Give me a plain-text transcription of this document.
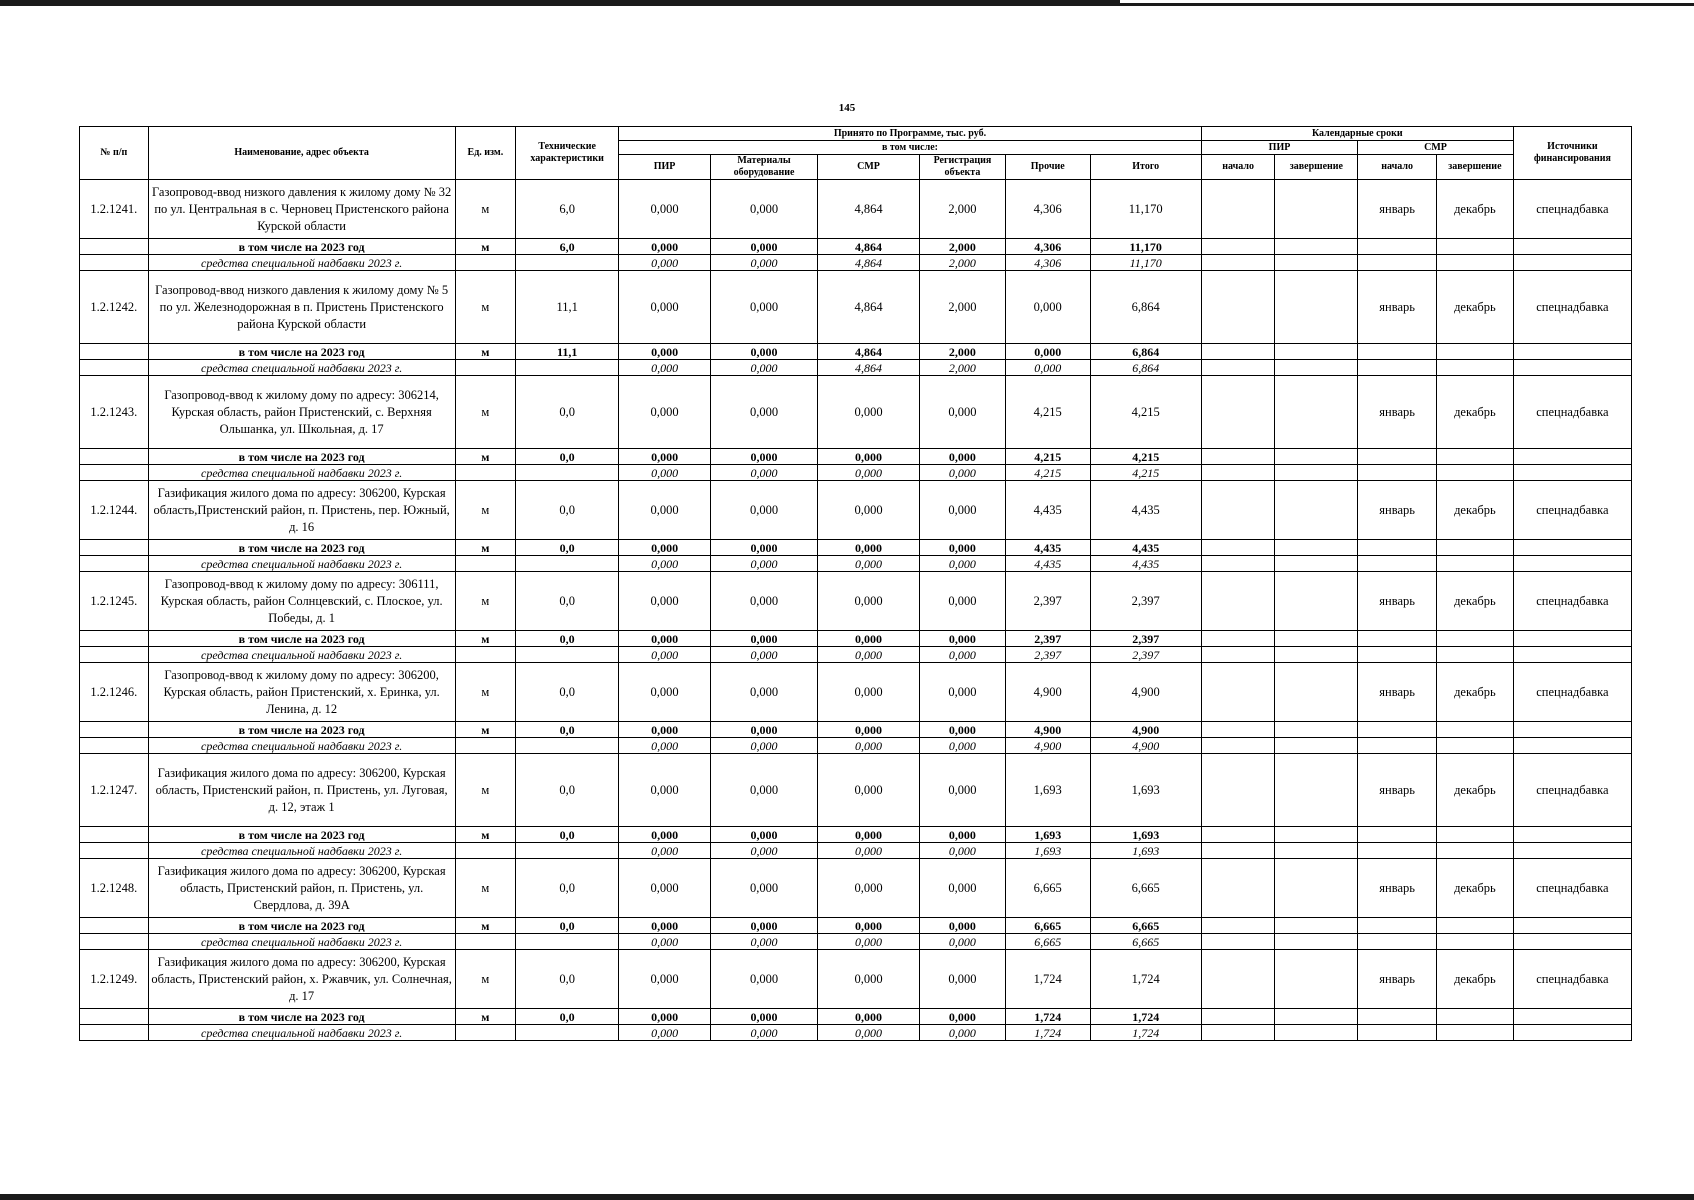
145
№ п/п	Наименование, адрес объекта	Ед. изм.	Технические характеристики	Принято по Программе, тыс. руб.						Календарные сроки				Источники финансирования
				в том числе:						ПИР		СМР		
				ПИР	Материалы оборудование	СМР	Регистрация объекта	Прочие	Итого	начало	завершение	начало	завершение	
1.2.1241.	Газопровод-ввод низкого давления к жилому дому № 32 по ул. Центральная в с. Черновец Пристенского района Курской области	м	6,0	0,000	0,000	4,864	2,000	4,306	11,170			январь	декабрь	спецнадбавка
	в том числе на 2023 год	м	6,0	0,000	0,000	4,864	2,000	4,306	11,170					
	средства специальной надбавки 2023 г.			0,000	0,000	4,864	2,000	4,306	11,170					
1.2.1242.	Газопровод-ввод низкого давления к жилому дому № 5 по ул. Железнодорожная в п. Пристень Пристенского района Курской области	м	11,1	0,000	0,000	4,864	2,000	0,000	6,864			январь	декабрь	спецнадбавка
	в том числе на 2023 год	м	11,1	0,000	0,000	4,864	2,000	0,000	6,864					
	средства специальной надбавки 2023 г.			0,000	0,000	4,864	2,000	0,000	6,864					
1.2.1243.	Газопровод-ввод к жилому дому по адресу: 306214, Курская область, район Пристенский, с. Верхняя Ольшанка, ул. Школьная, д. 17	м	0,0	0,000	0,000	0,000	0,000	4,215	4,215			январь	декабрь	спецнадбавка
	в том числе на 2023 год	м	0,0	0,000	0,000	0,000	0,000	4,215	4,215					
	средства специальной надбавки 2023 г.			0,000	0,000	0,000	0,000	4,215	4,215					
1.2.1244.	Газификация жилого дома по адресу: 306200, Курская область,Пристенский район, п. Пристень, пер. Южный, д. 16	м	0,0	0,000	0,000	0,000	0,000	4,435	4,435			январь	декабрь	спецнадбавка
	в том числе на 2023 год	м	0,0	0,000	0,000	0,000	0,000	4,435	4,435					
	средства специальной надбавки 2023 г.			0,000	0,000	0,000	0,000	4,435	4,435					
1.2.1245.	Газопровод-ввод к жилому дому по адресу: 306111, Курская область, район Солнцевский, с. Плоское, ул. Победы, д. 1	м	0,0	0,000	0,000	0,000	0,000	2,397	2,397			январь	декабрь	спецнадбавка
	в том числе на 2023 год	м	0,0	0,000	0,000	0,000	0,000	2,397	2,397					
	средства специальной надбавки 2023 г.			0,000	0,000	0,000	0,000	2,397	2,397					
1.2.1246.	Газопровод-ввод к жилому дому по адресу: 306200, Курская область, район Пристенский, х. Еринка, ул. Ленина, д. 12	м	0,0	0,000	0,000	0,000	0,000	4,900	4,900			январь	декабрь	спецнадбавка
	в том числе на 2023 год	м	0,0	0,000	0,000	0,000	0,000	4,900	4,900					
	средства специальной надбавки 2023 г.			0,000	0,000	0,000	0,000	4,900	4,900					
1.2.1247.	Газификация жилого дома по адресу: 306200, Курская область, Пристенский район, п. Пристень, ул. Луговая, д. 12, этаж 1	м	0,0	0,000	0,000	0,000	0,000	1,693	1,693			январь	декабрь	спецнадбавка
	в том числе на 2023 год	м	0,0	0,000	0,000	0,000	0,000	1,693	1,693					
	средства специальной надбавки 2023 г.			0,000	0,000	0,000	0,000	1,693	1,693					
1.2.1248.	Газификация жилого дома по адресу: 306200, Курская область, Пристенский район, п. Пристень, ул. Свердлова, д. 39А	м	0,0	0,000	0,000	0,000	0,000	6,665	6,665			январь	декабрь	спецнадбавка
	в том числе на 2023 год	м	0,0	0,000	0,000	0,000	0,000	6,665	6,665					
	средства специальной надбавки 2023 г.			0,000	0,000	0,000	0,000	6,665	6,665					
1.2.1249.	Газификация жилого дома по адресу: 306200, Курская область, Пристенский район, х. Ржавчик, ул. Солнечная, д. 17	м	0,0	0,000	0,000	0,000	0,000	1,724	1,724			январь	декабрь	спецнадбавка
	в том числе на 2023 год	м	0,0	0,000	0,000	0,000	0,000	1,724	1,724					
	средства специальной надбавки 2023 г.			0,000	0,000	0,000	0,000	1,724	1,724					
